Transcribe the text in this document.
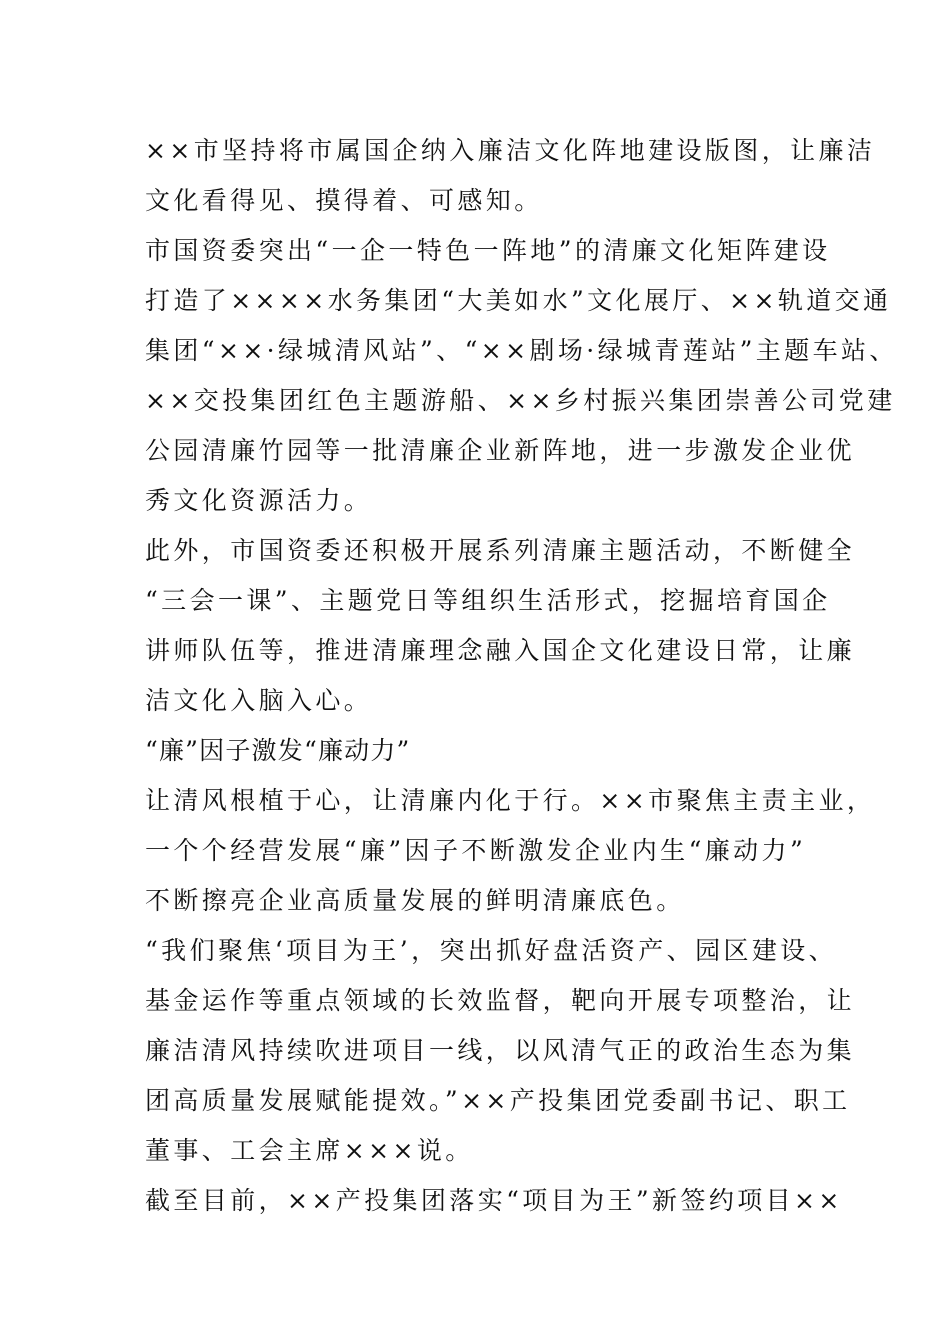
××市坚持将市属国企纳入廉洁文化阵地建设版图，让廉洁
文化看得见、摸得着、可感知。
市国资委突出“一企一特色一阵地”的清廉文化矩阵建设
打造了××××水务集团“大美如水”文化展厅、××轨道交通
集团“××·绿城清风站”、“××剧场·绿城青莲站”主题车站、
××交投集团红色主题游船、××乡村振兴集团崇善公司党建
公园清廉竹园等一批清廉企业新阵地，进一步激发企业优
秀文化资源活力。
此外，市国资委还积极开展系列清廉主题活动，不断健全
“三会一课”、主题党日等组织生活形式，挖掘培育国企
讲师队伍等，推进清廉理念融入国企文化建设日常，让廉
洁文化入脑入心。
“廉”因子激发“廉动力”
让清风根植于心，让清廉内化于行。××市聚焦主责主业，
一个个经营发展“廉”因子不断激发企业内生“廉动力”
不断擦亮企业高质量发展的鲜明清廉底色。
“我们聚焦‘项目为王’，突出抓好盘活资产、园区建设、
基金运作等重点领域的长效监督，靶向开展专项整治，让
廉洁清风持续吹进项目一线，以风清气正的政治生态为集
团高质量发展赋能提效。”××产投集团党委副书记、职工
董事、工会主席×××说。
截至目前，××产投集团落实“项目为王”新签约项目××
